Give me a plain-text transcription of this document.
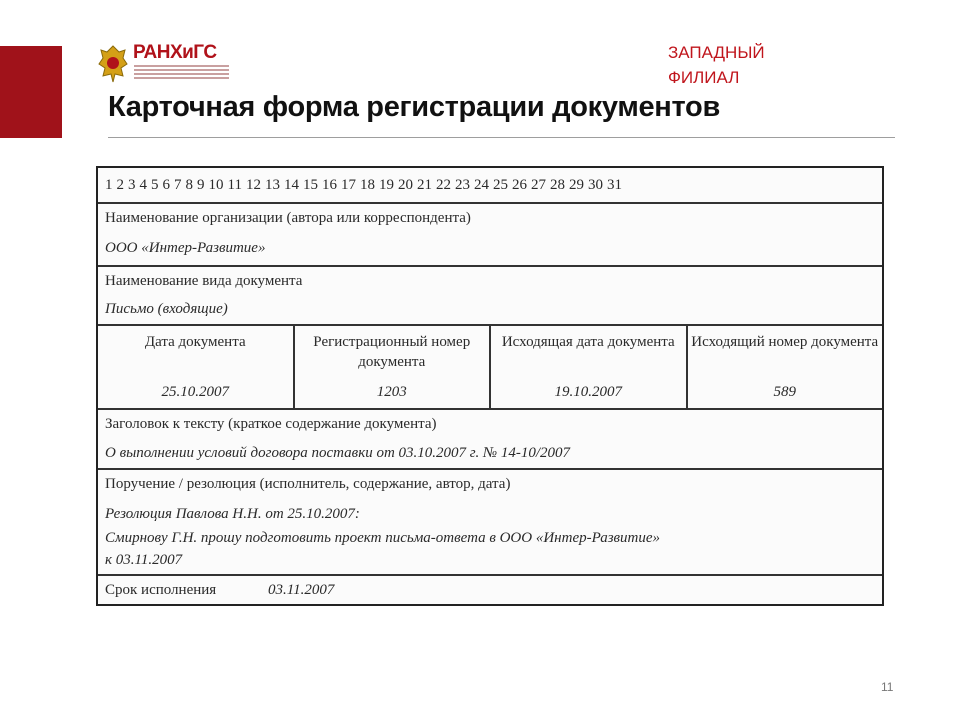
РАНХиГС	ЗАПАДНЫЙ
ФИЛИАЛ
Карточная форма регистрации документов
1 2 3 4 5 6 7 8 9 10 11 12 13 14 15 16 17 18 19 20 21 22 23 24 25 26 27 28 29 30 31
Наименование организации (автора или корреспондента)
ООО «Интер-Развитие»
Наименование вида документа
Письмо (входящие)
Дата документа
25.10.2007
Регистрационный номер документа
1203
Исходящая дата документа
19.10.2007
Исходящий номер документа
589
Заголовок к тексту (краткое содержание документа)
О выполнении условий договора поставки от 03.10.2007 г. № 14-10/2007
Поручение / резолюция (исполнитель, содержание, автор, дата)
Резолюция Павлова Н.Н. от 25.10.2007:
Смирнову Г.Н. прошу подготовить проект письма-ответа в ООО «Интер-Развитие»
к 03.11.2007
Срок исполнения	03.11.2007
11
